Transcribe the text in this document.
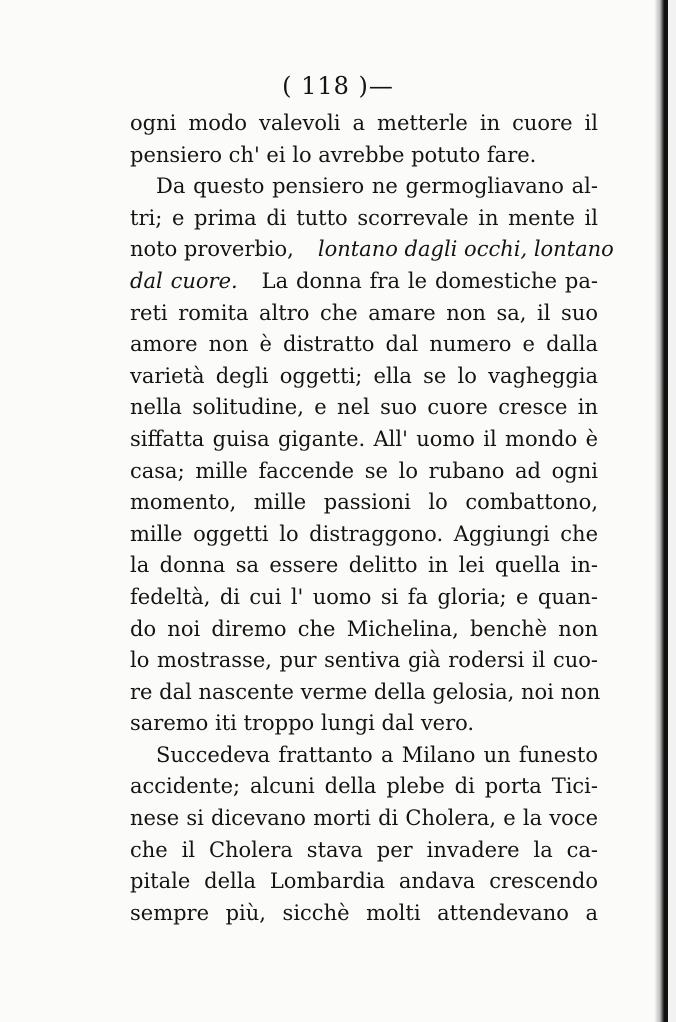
( 118 )—
ogni modo valevoli a metterle in cuore il
pensiero ch' ei lo avrebbe potuto fare.
Da questo pensiero ne germogliavano al-
tri; e prima di tutto scorrevale in mente il
noto proverbio, lontano dagli occhi, lontano
dal cuore. La donna fra le domestiche pa-
reti romita altro che amare non sa, il suo
amore non è distratto dal numero e dalla
varietà degli oggetti; ella se lo vagheggia
nella solitudine, e nel suo cuore cresce in
siffatta guisa gigante. All' uomo il mondo è
casa; mille faccende se lo rubano ad ogni
momento, mille passioni lo combattono,
mille oggetti lo distraggono. Aggiungi che
la donna sa essere delitto in lei quella in-
fedeltà, di cui l' uomo si fa gloria; e quan-
do noi diremo che Michelina, benchè non
lo mostrasse, pur sentiva già rodersi il cuo-
re dal nascente verme della gelosia, noi non
saremo iti troppo lungi dal vero.
Succedeva frattanto a Milano un funesto
accidente; alcuni della plebe di porta Tici-
nese si dicevano morti di Cholera, e la voce
che il Cholera stava per invadere la ca-
pitale della Lombardia andava crescendo
sempre più, sicchè molti attendevano a
